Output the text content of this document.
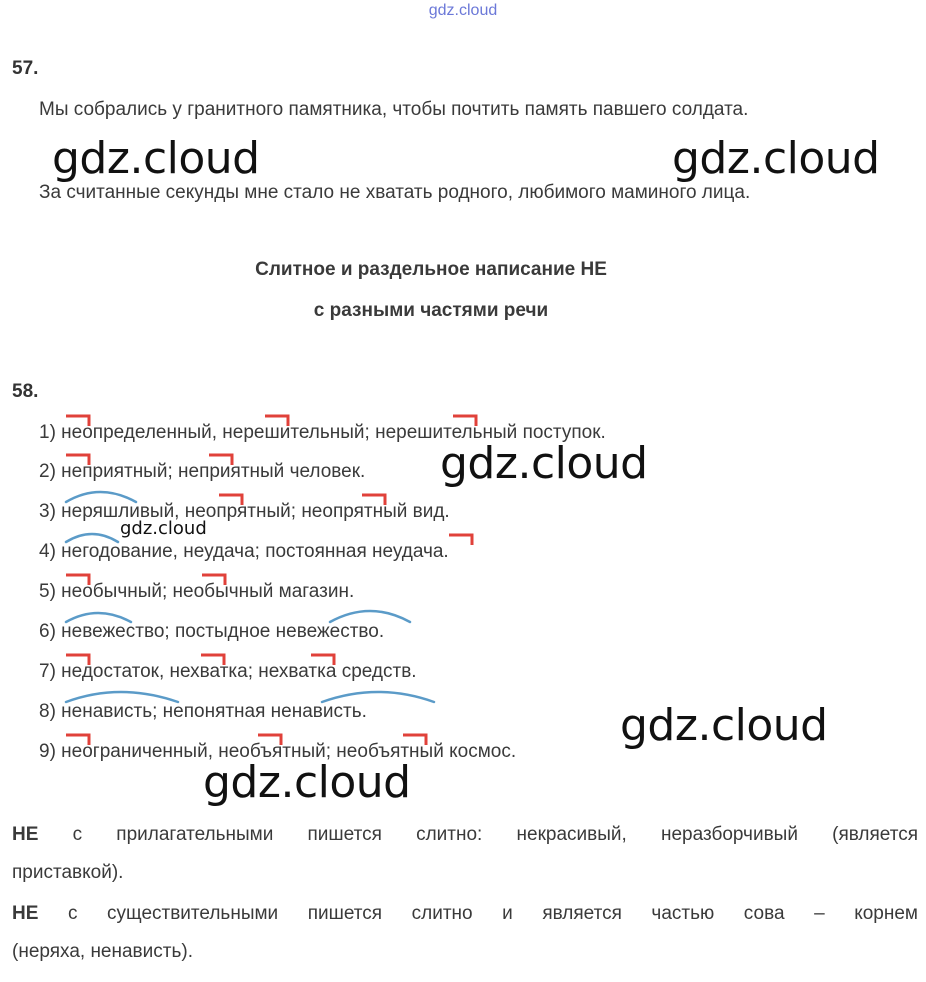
gdz.cloud
57.
Мы собрались у гранитного памятника, чтобы почтить память павшего солдата.
За считанные секунды мне стало не хватать родного, любимого маминого лица.
Слитное и раздельное написание НЕ
с разными частями речи
58.
1) неопределенный, нерешительный; нерешительный поступок.
2) неприятный; неприятный человек.
3) неряшливый, неопрятный; неопрятный вид.
4) негодование, неудача; постоянная неудача.
5) необычный; необычный магазин.
6) невежество; постыдное невежество.
7) недостаток, нехватка; нехватка средств.
8) ненависть; непонятная ненависть.
9) неограниченный, необъятный; необъятный космос.
НЕ с прилагательными пишется слитно: некрасивый, неразборчивый (является
приставкой).
НЕ с существительными пишется слитно и является частью сова – корнем
(неряха, ненависть).
gdz.cloud	gdz.cloud
gdz.cloud
gdz.cloud
gdz.cloud
gdz.cloud
